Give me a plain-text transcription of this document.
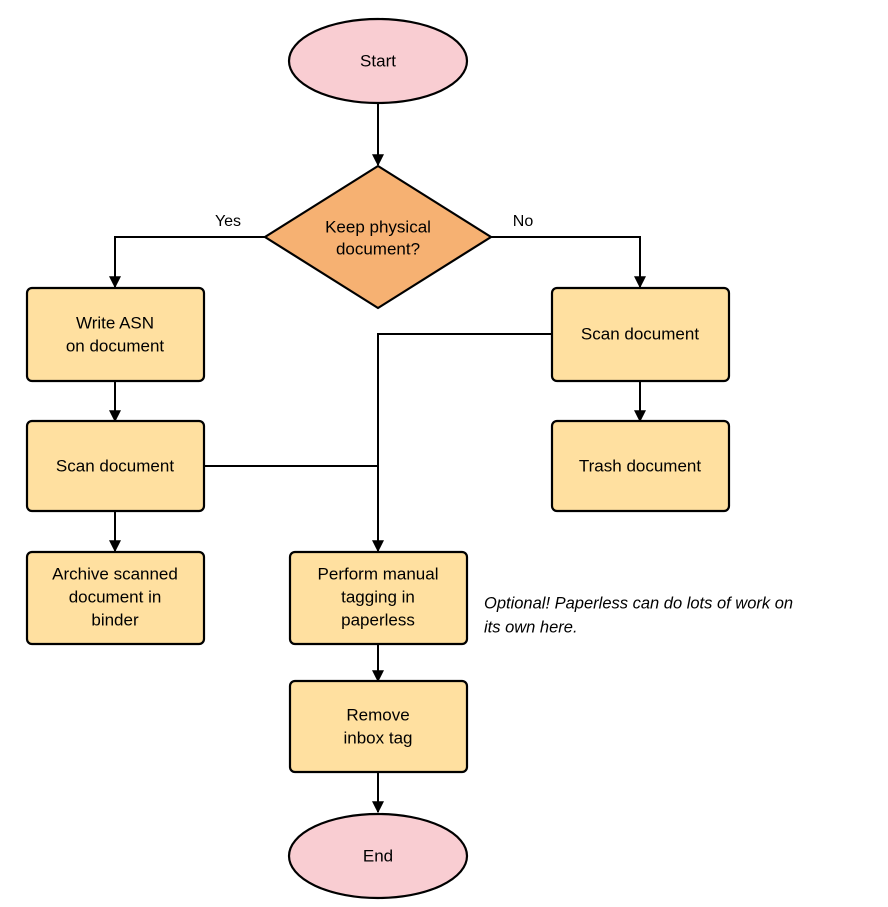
Yes	No
Start
Keep physical
document?
Write ASN
on document
Scan document
Archive scanned
document in
binder
Scan document
Trash document
Perform manual
tagging in
paperless
Remove
inbox tag
End
Optional! Paperless can do lots of work on
its own here.
